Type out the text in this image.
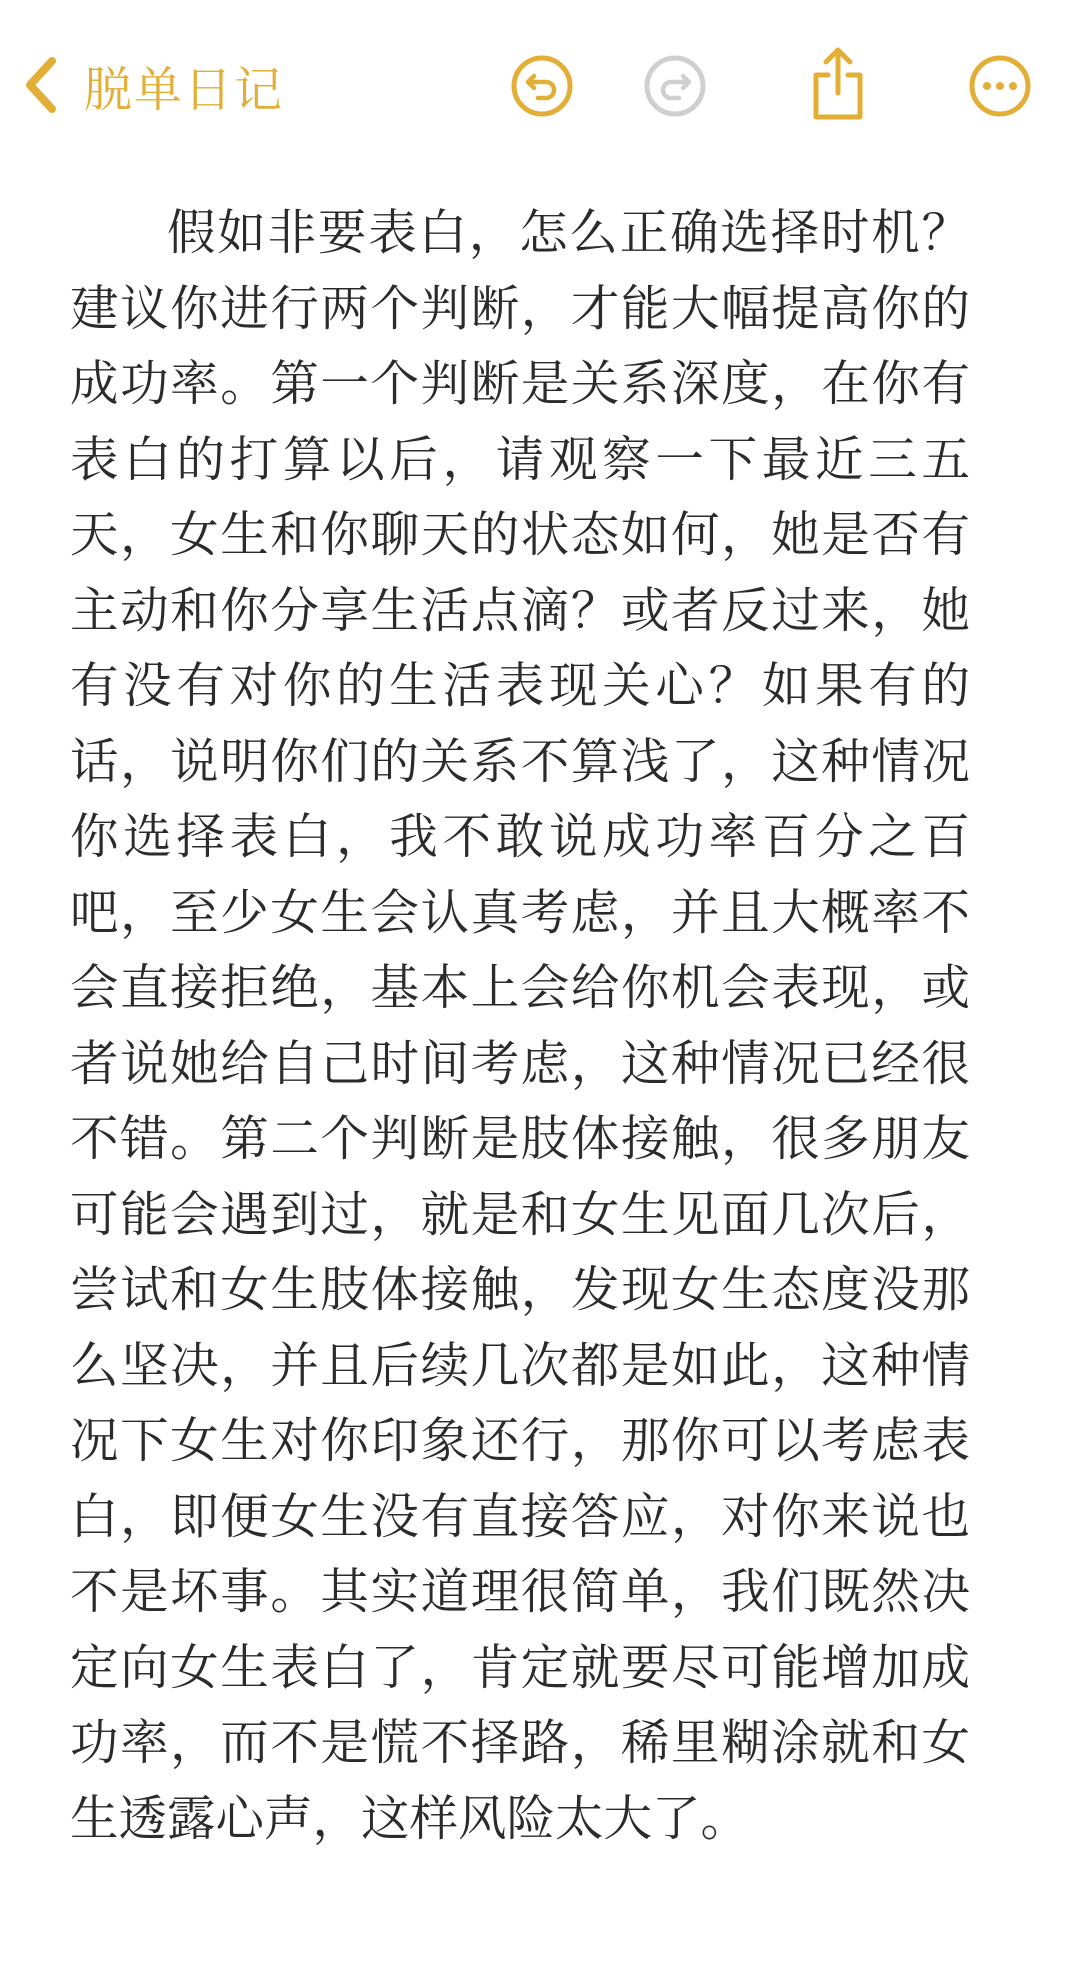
脱单日记

假如非要表白，怎么正确选择时机？建议你进行两个判断，才能大幅提高你的成功率。第一个判断是关系深度，在你有表白的打算以后，请观察一下最近三五天，女生和你聊天的状态如何，她是否有主动和你分享生活点滴？或者反过来，她有没有对你的生活表现关心？如果有的话，说明你们的关系不算浅了，这种情况你选择表白，我不敢说成功率百分之百吧，至少女生会认真考虑，并且大概率不会直接拒绝，基本上会给你机会表现，或者说她给自己时间考虑，这种情况已经很不错。第二个判断是肢体接触，很多朋友可能会遇到过，就是和女生见面几次后，尝试和女生肢体接触，发现女生态度没那么坚决，并且后续几次都是如此，这种情况下女生对你印象还行，那你可以考虑表白，即便女生没有直接答应，对你来说也不是坏事。其实道理很简单，我们既然决定向女生表白了，肯定就要尽可能增加成功率，而不是慌不择路，稀里糊涂就和女生透露心声，这样风险太大了。
